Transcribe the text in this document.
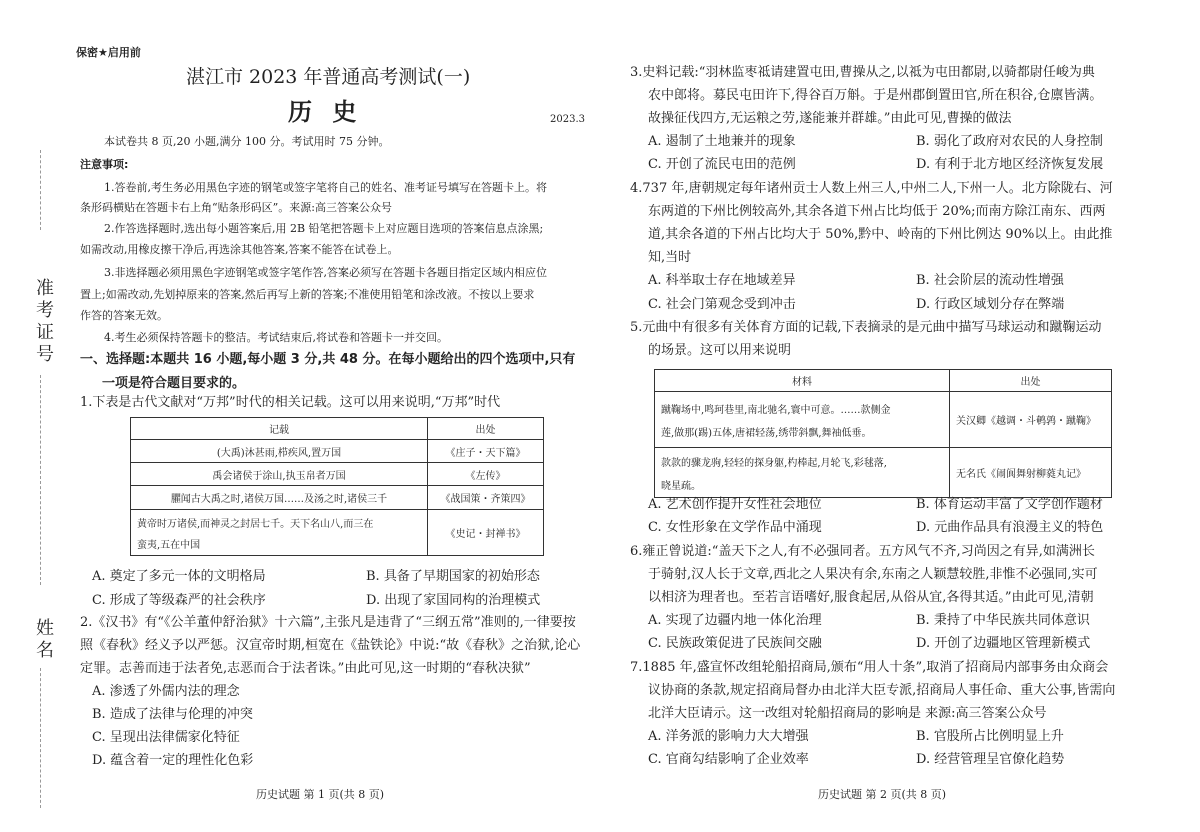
准考证号
姓名
保密★启用前
湛江市 2023 年普通高考测试(一)
历 史	2023.3
本试卷共 8 页,20 小题,满分 100 分。考试用时 75 分钟。
注意事项:
1.答卷前,考生务必用黑色字迹的钢笔或签字笔将自己的姓名、准考证号填写在答题卡上。将
条形码横贴在答题卡右上角“贴条形码区”。来源:高三答案公众号
2.作答选择题时,选出每小题答案后,用 2B 铅笔把答题卡上对应题目选项的答案信息点涂黑;
如需改动,用橡皮擦干净后,再选涂其他答案,答案不能答在试卷上。
3.非选择题必须用黑色字迹钢笔或签字笔作答,答案必须写在答题卡各题目指定区域内相应位
置上;如需改动,先划掉原来的答案,然后再写上新的答案;不准使用铅笔和涂改液。不按以上要求
作答的答案无效。
4.考生必须保持答题卡的整洁。考试结束后,将试卷和答题卡一并交回。
一、选择题:本题共 16 小题,每小题 3 分,共 48 分。在每小题给出的四个选项中,只有
一项是符合题目要求的。
1.下表是古代文献对“万邦”时代的相关记载。这可以用来说明,“万邦”时代
记载	出处
(大禹)沐甚雨,栉疾风,置万国	《庄子・天下篇》
禹会诸侯于涂山,执玉帛者万国	《左传》
臞闻古大禹之时,诸侯万国……及汤之时,诸侯三千	《战国策・齐策四》

黄帝时万诸侯,而神灵之封居七千。天下名山八,而三在
蛮夷,五在中国	《史记・封禅书》
A. 奠定了多元一体的文明格局	B. 具备了早期国家的初始形态
C. 形成了等级森严的社会秩序	D. 出现了家国同构的治理模式
2.《汉书》有“《公羊董仲舒治狱》十六篇”,主张凡是违背了“三纲五常”准则的,一律要按
照《春秋》经义予以严惩。汉宣帝时期,桓宽在《盐铁论》中说:“故《春秋》之治狱,论心
定罪。志善而违于法者免,志恶而合于法者诛。”由此可见,这一时期的“春秋决狱”
A. 渗透了外儒内法的理念
B. 造成了法律与伦理的冲突
C. 呈现出法律儒家化特征
D. 蕴含着一定的理性化色彩
历史试题 第 1 页(共 8 页)
3.史料记载:“羽林监枣祗请建置屯田,曹操从之,以祗为屯田都尉,以骑都尉任峻为典
农中郎将。募民屯田许下,得谷百万斛。于是州郡倒置田官,所在积谷,仓廪皆满。
故操征伐四方,无运粮之劳,遂能兼并群雄。”由此可见,曹操的做法
A. 遏制了土地兼并的现象	B. 弱化了政府对农民的人身控制
C. 开创了流民屯田的范例	D. 有利于北方地区经济恢复发展
4.737 年,唐朝规定每年诸州贡士人数上州三人,中州二人,下州一人。北方除陇右、河
东两道的下州比例较高外,其余各道下州占比均低于 20%;而南方除江南东、西两
道,其余各道的下州占比均大于 50%,黔中、岭南的下州比例达 90%以上。由此推
知,当时
A. 科举取士存在地域差异	B. 社会阶层的流动性增强
C. 社会门第观念受到冲击	D. 行政区域划分存在弊端
5.元曲中有很多有关体育方面的记载,下表摘录的是元曲中描写马球运动和蹴鞠运动
的场景。这可以用来说明
材料	出处

蹴鞠场中,鸣珂巷里,南北驰名,寰中可意。……款侧金
莲,做那(踢)五体,唐裙轻荡,绣带斜飘,舞袖低垂。	关汉卿《越调・斗鹌鹑・蹴鞠》

款款的骤龙驹,轻轻的探身躯,杓棒起,月轮飞,彩毬落,
晓星疏。	无名氏《闹阆舞射柳蕤丸记》
A. 艺术创作提升女性社会地位	B. 体育运动丰富了文学创作题材
C. 女性形象在文学作品中涌现	D. 元曲作品具有浪漫主义的特色
6.雍正曾说道:“盖天下之人,有不必强同者。五方风气不齐,习尚因之有异,如满洲长
于骑射,汉人长于文章,西北之人果决有余,东南之人颖慧较胜,非惟不必强同,实可
以相济为理者也。至若言语嗜好,服食起居,从俗从宜,各得其适。”由此可见,清朝
A. 实现了边疆内地一体化治理	B. 秉持了中华民族共同体意识
C. 民族政策促进了民族间交融	D. 开创了边疆地区管理新模式
7.1885 年,盛宣怀改组轮船招商局,颁布“用人十条”,取消了招商局内部事务由众商会
议协商的条款,规定招商局督办由北洋大臣专派,招商局人事任命、重大公事,皆需向
北洋大臣请示。这一改组对轮船招商局的影响是 来源:高三答案公众号
A. 洋务派的影响力大大增强	B. 官股所占比例明显上升
C. 官商勾结影响了企业效率	D. 经营管理呈官僚化趋势
历史试题 第 2 页(共 8 页)
